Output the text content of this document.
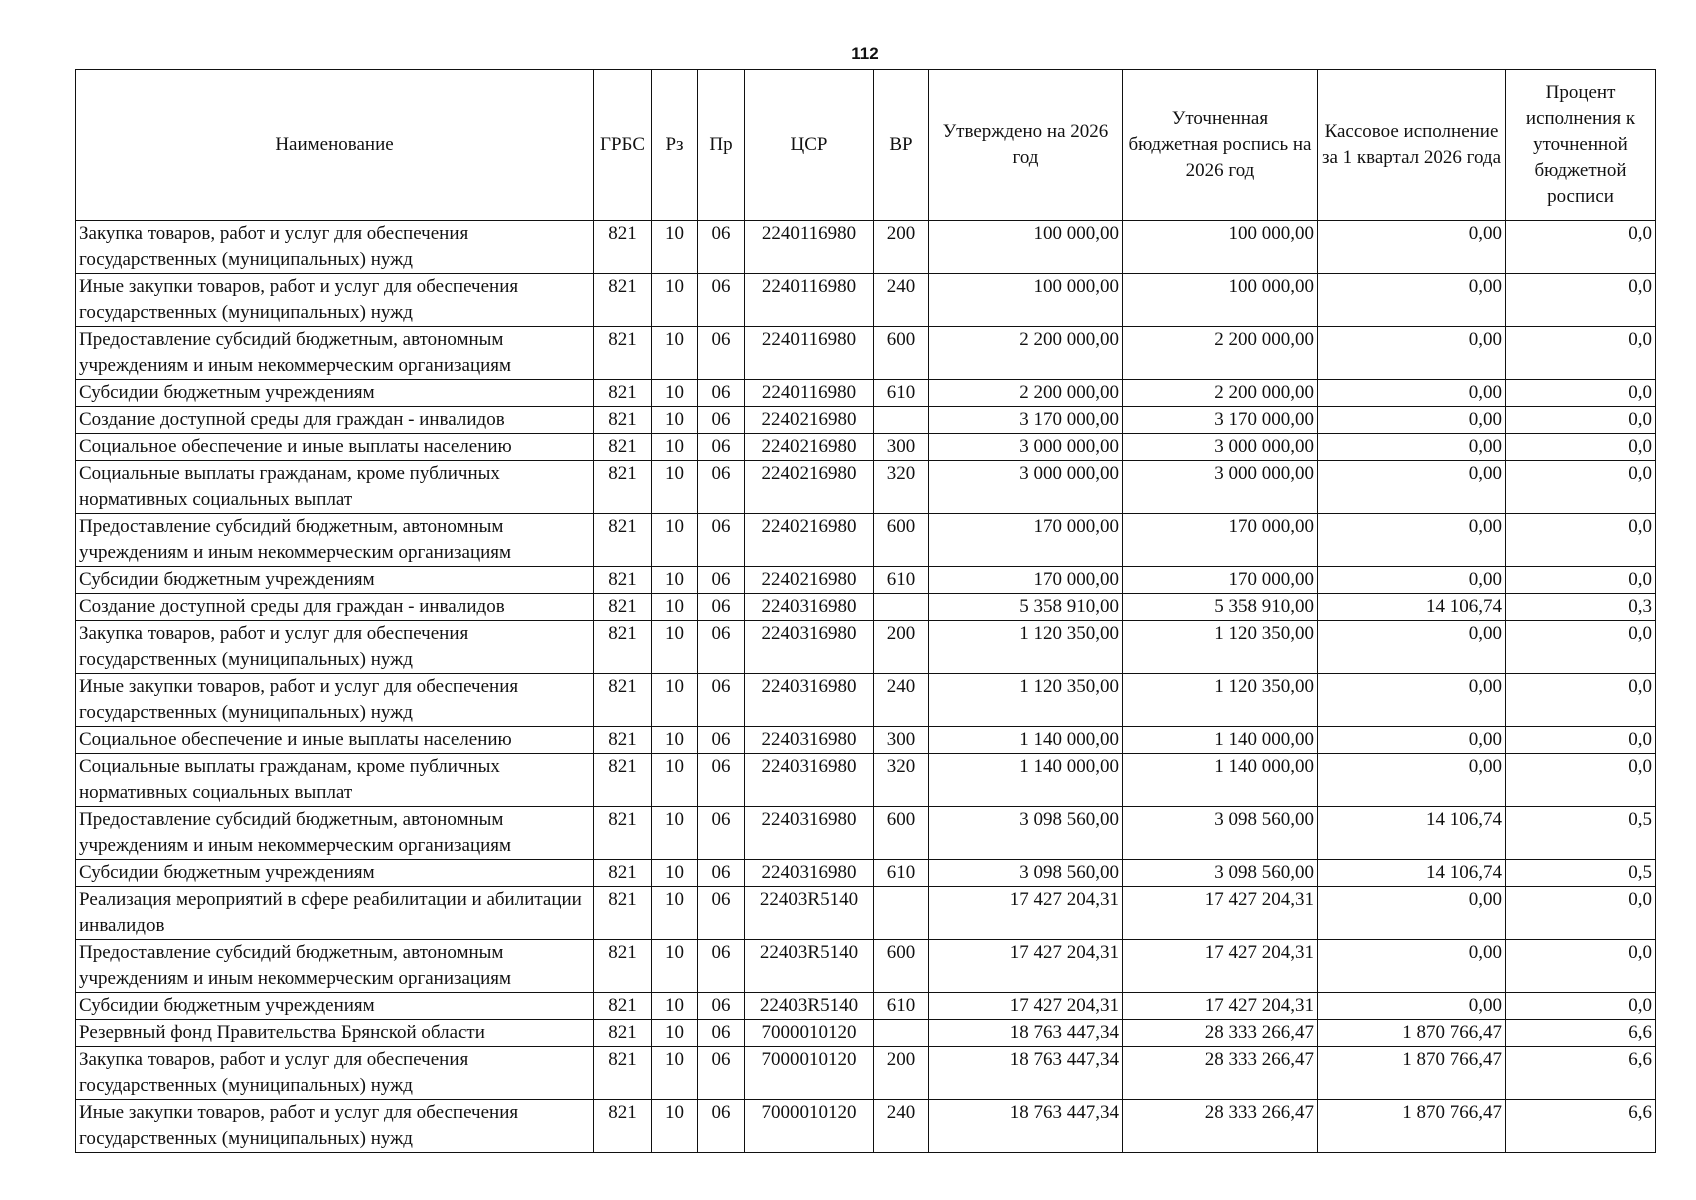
112
Наименование	ГРБС	Рз	Пр	ЦСР	ВР	Утверждено на 2026 год	Уточненная бюджетная роспись на 2026 год	Кассовое исполнение за 1 квартал 2026 года	Процент исполнения к уточненной бюджетной росписи
Закупка товаров, работ и услуг для обеспечения государственных (муниципальных) нужд	821	10	06	2240116980	200	100 000,00	100 000,00	0,00	0,0
Иные закупки товаров, работ и услуг для обеспечения государственных (муниципальных) нужд	821	10	06	2240116980	240	100 000,00	100 000,00	0,00	0,0
Предоставление субсидий бюджетным, автономным учреждениям и иным некоммерческим организациям	821	10	06	2240116980	600	2 200 000,00	2 200 000,00	0,00	0,0
Субсидии бюджетным учреждениям	821	10	06	2240116980	610	2 200 000,00	2 200 000,00	0,00	0,0
Создание доступной среды для граждан - инвалидов	821	10	06	2240216980		3 170 000,00	3 170 000,00	0,00	0,0
Социальное обеспечение и иные выплаты населению	821	10	06	2240216980	300	3 000 000,00	3 000 000,00	0,00	0,0
Социальные выплаты гражданам, кроме публичных нормативных социальных выплат	821	10	06	2240216980	320	3 000 000,00	3 000 000,00	0,00	0,0
Предоставление субсидий бюджетным, автономным учреждениям и иным некоммерческим организациям	821	10	06	2240216980	600	170 000,00	170 000,00	0,00	0,0
Субсидии бюджетным учреждениям	821	10	06	2240216980	610	170 000,00	170 000,00	0,00	0,0
Создание доступной среды для граждан - инвалидов	821	10	06	2240316980		5 358 910,00	5 358 910,00	14 106,74	0,3
Закупка товаров, работ и услуг для обеспечения государственных (муниципальных) нужд	821	10	06	2240316980	200	1 120 350,00	1 120 350,00	0,00	0,0
Иные закупки товаров, работ и услуг для обеспечения государственных (муниципальных) нужд	821	10	06	2240316980	240	1 120 350,00	1 120 350,00	0,00	0,0
Социальное обеспечение и иные выплаты населению	821	10	06	2240316980	300	1 140 000,00	1 140 000,00	0,00	0,0
Социальные выплаты гражданам, кроме публичных нормативных социальных выплат	821	10	06	2240316980	320	1 140 000,00	1 140 000,00	0,00	0,0
Предоставление субсидий бюджетным, автономным учреждениям и иным некоммерческим организациям	821	10	06	2240316980	600	3 098 560,00	3 098 560,00	14 106,74	0,5
Субсидии бюджетным учреждениям	821	10	06	2240316980	610	3 098 560,00	3 098 560,00	14 106,74	0,5
Реализация мероприятий в сфере реабилитации и абилитации инвалидов	821	10	06	22403R5140		17 427 204,31	17 427 204,31	0,00	0,0
Предоставление субсидий бюджетным, автономным учреждениям и иным некоммерческим организациям	821	10	06	22403R5140	600	17 427 204,31	17 427 204,31	0,00	0,0
Субсидии бюджетным учреждениям	821	10	06	22403R5140	610	17 427 204,31	17 427 204,31	0,00	0,0
Резервный фонд Правительства Брянской области	821	10	06	7000010120		18 763 447,34	28 333 266,47	1 870 766,47	6,6
Закупка товаров, работ и услуг для обеспечения государственных (муниципальных) нужд	821	10	06	7000010120	200	18 763 447,34	28 333 266,47	1 870 766,47	6,6
Иные закупки товаров, работ и услуг для обеспечения государственных (муниципальных) нужд	821	10	06	7000010120	240	18 763 447,34	28 333 266,47	1 870 766,47	6,6
